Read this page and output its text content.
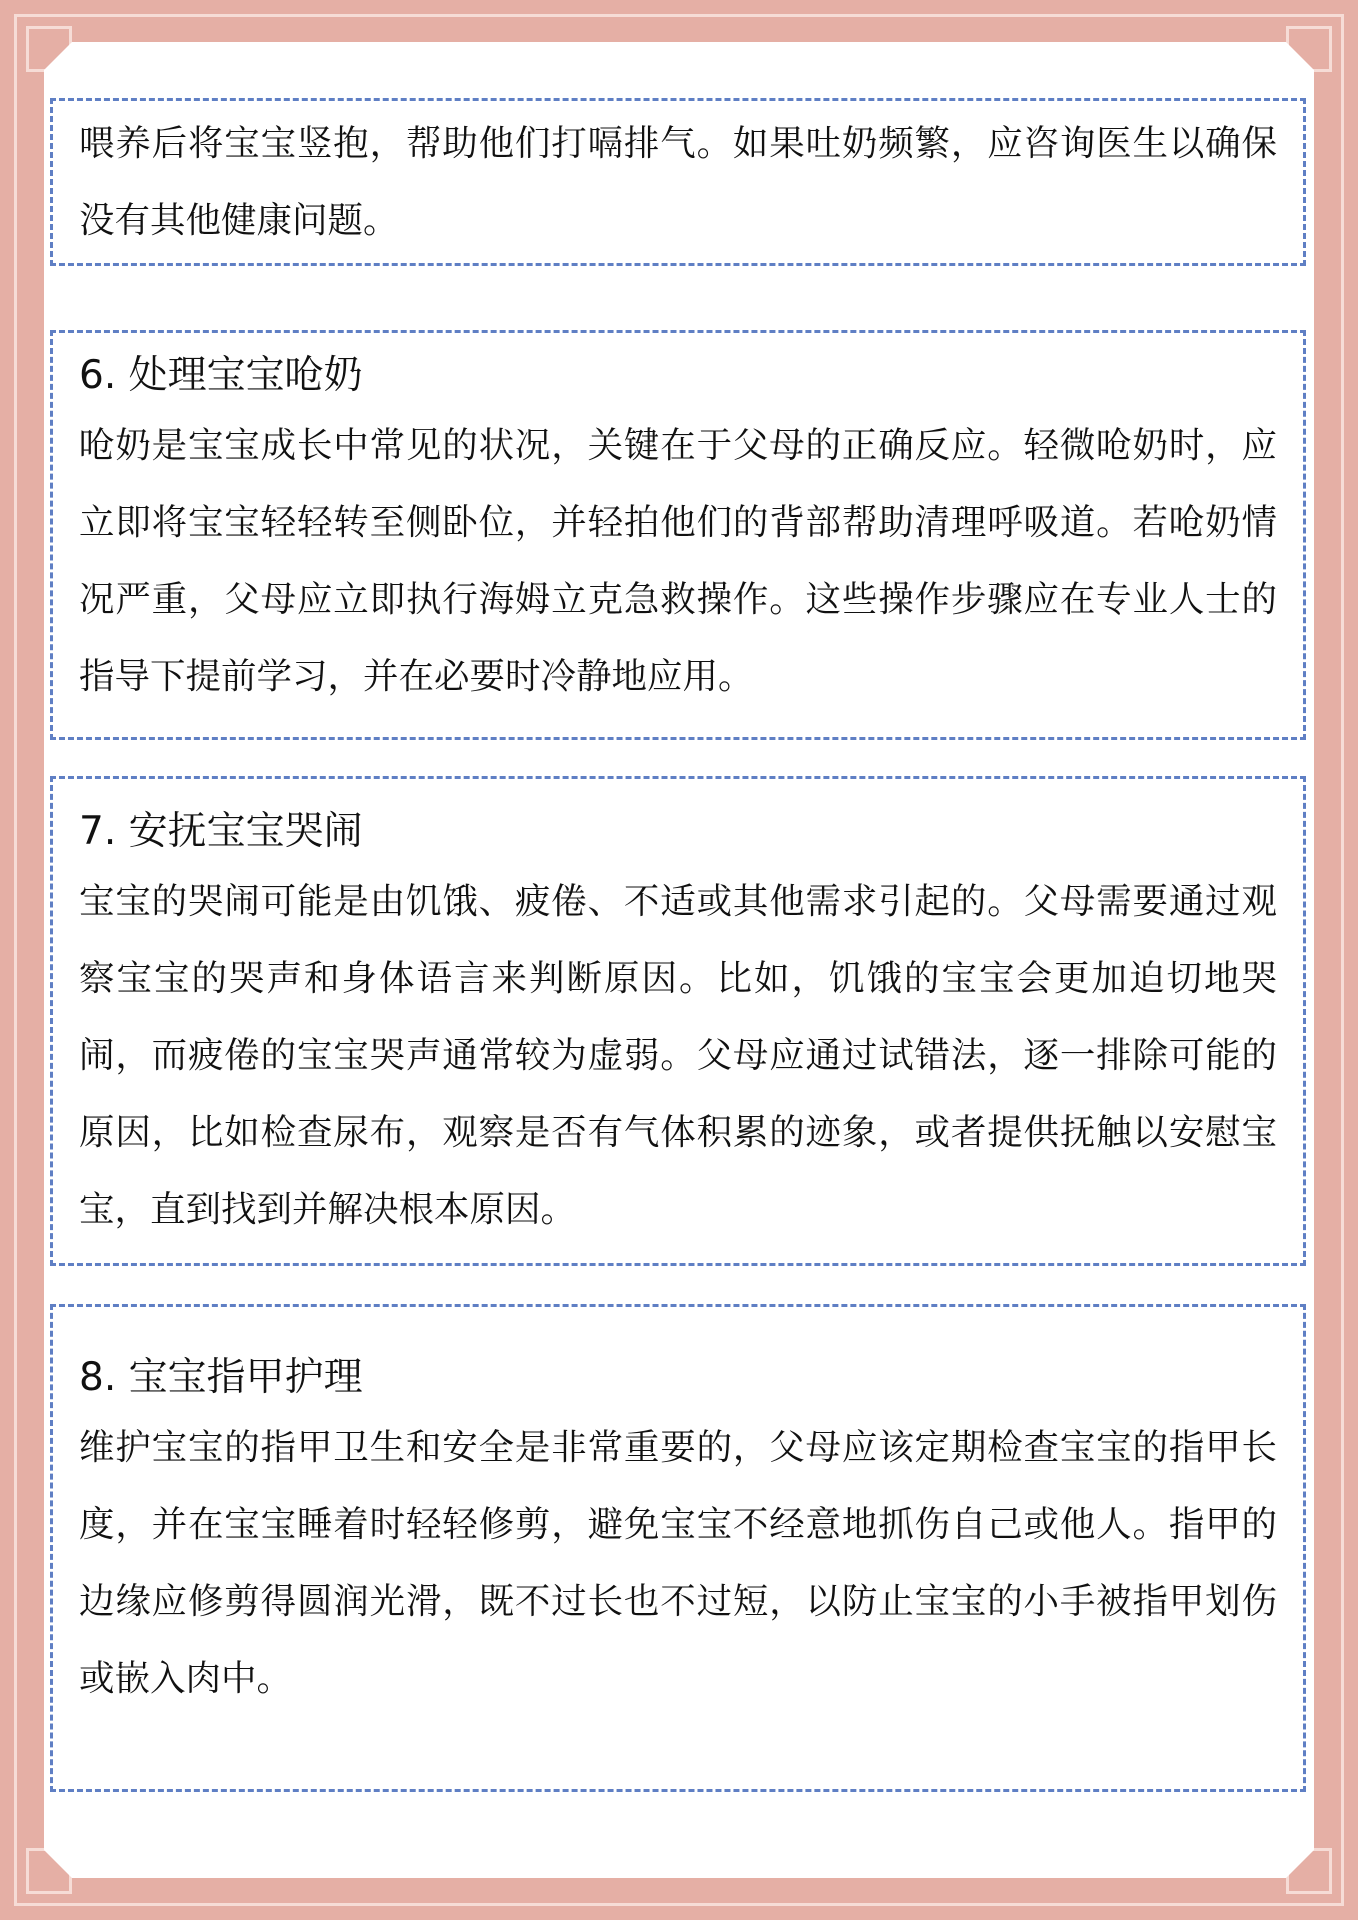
喂养后将宝宝竖抱，帮助他们打嗝排气。如果吐奶频繁，应咨询医生以确保没有其他健康问题。

6. 处理宝宝呛奶

呛奶是宝宝成长中常见的状况，关键在于父母的正确反应。轻微呛奶时，应立即将宝宝轻轻转至侧卧位，并轻拍他们的背部帮助清理呼吸道。若呛奶情况严重，父母应立即执行海姆立克急救操作。这些操作步骤应在专业人士的指导下提前学习，并在必要时冷静地应用。

7. 安抚宝宝哭闹

宝宝的哭闹可能是由饥饿、疲倦、不适或其他需求引起的。父母需要通过观察宝宝的哭声和身体语言来判断原因。比如，饥饿的宝宝会更加迫切地哭闹，而疲倦的宝宝哭声通常较为虚弱。父母应通过试错法，逐一排除可能的原因，比如检查尿布，观察是否有气体积累的迹象，或者提供抚触以安慰宝宝，直到找到并解决根本原因。

8. 宝宝指甲护理

维护宝宝的指甲卫生和安全是非常重要的，父母应该定期检查宝宝的指甲长度，并在宝宝睡着时轻轻修剪，避免宝宝不经意地抓伤自己或他人。指甲的边缘应修剪得圆润光滑，既不过长也不过短，以防止宝宝的小手被指甲划伤或嵌入肉中。
